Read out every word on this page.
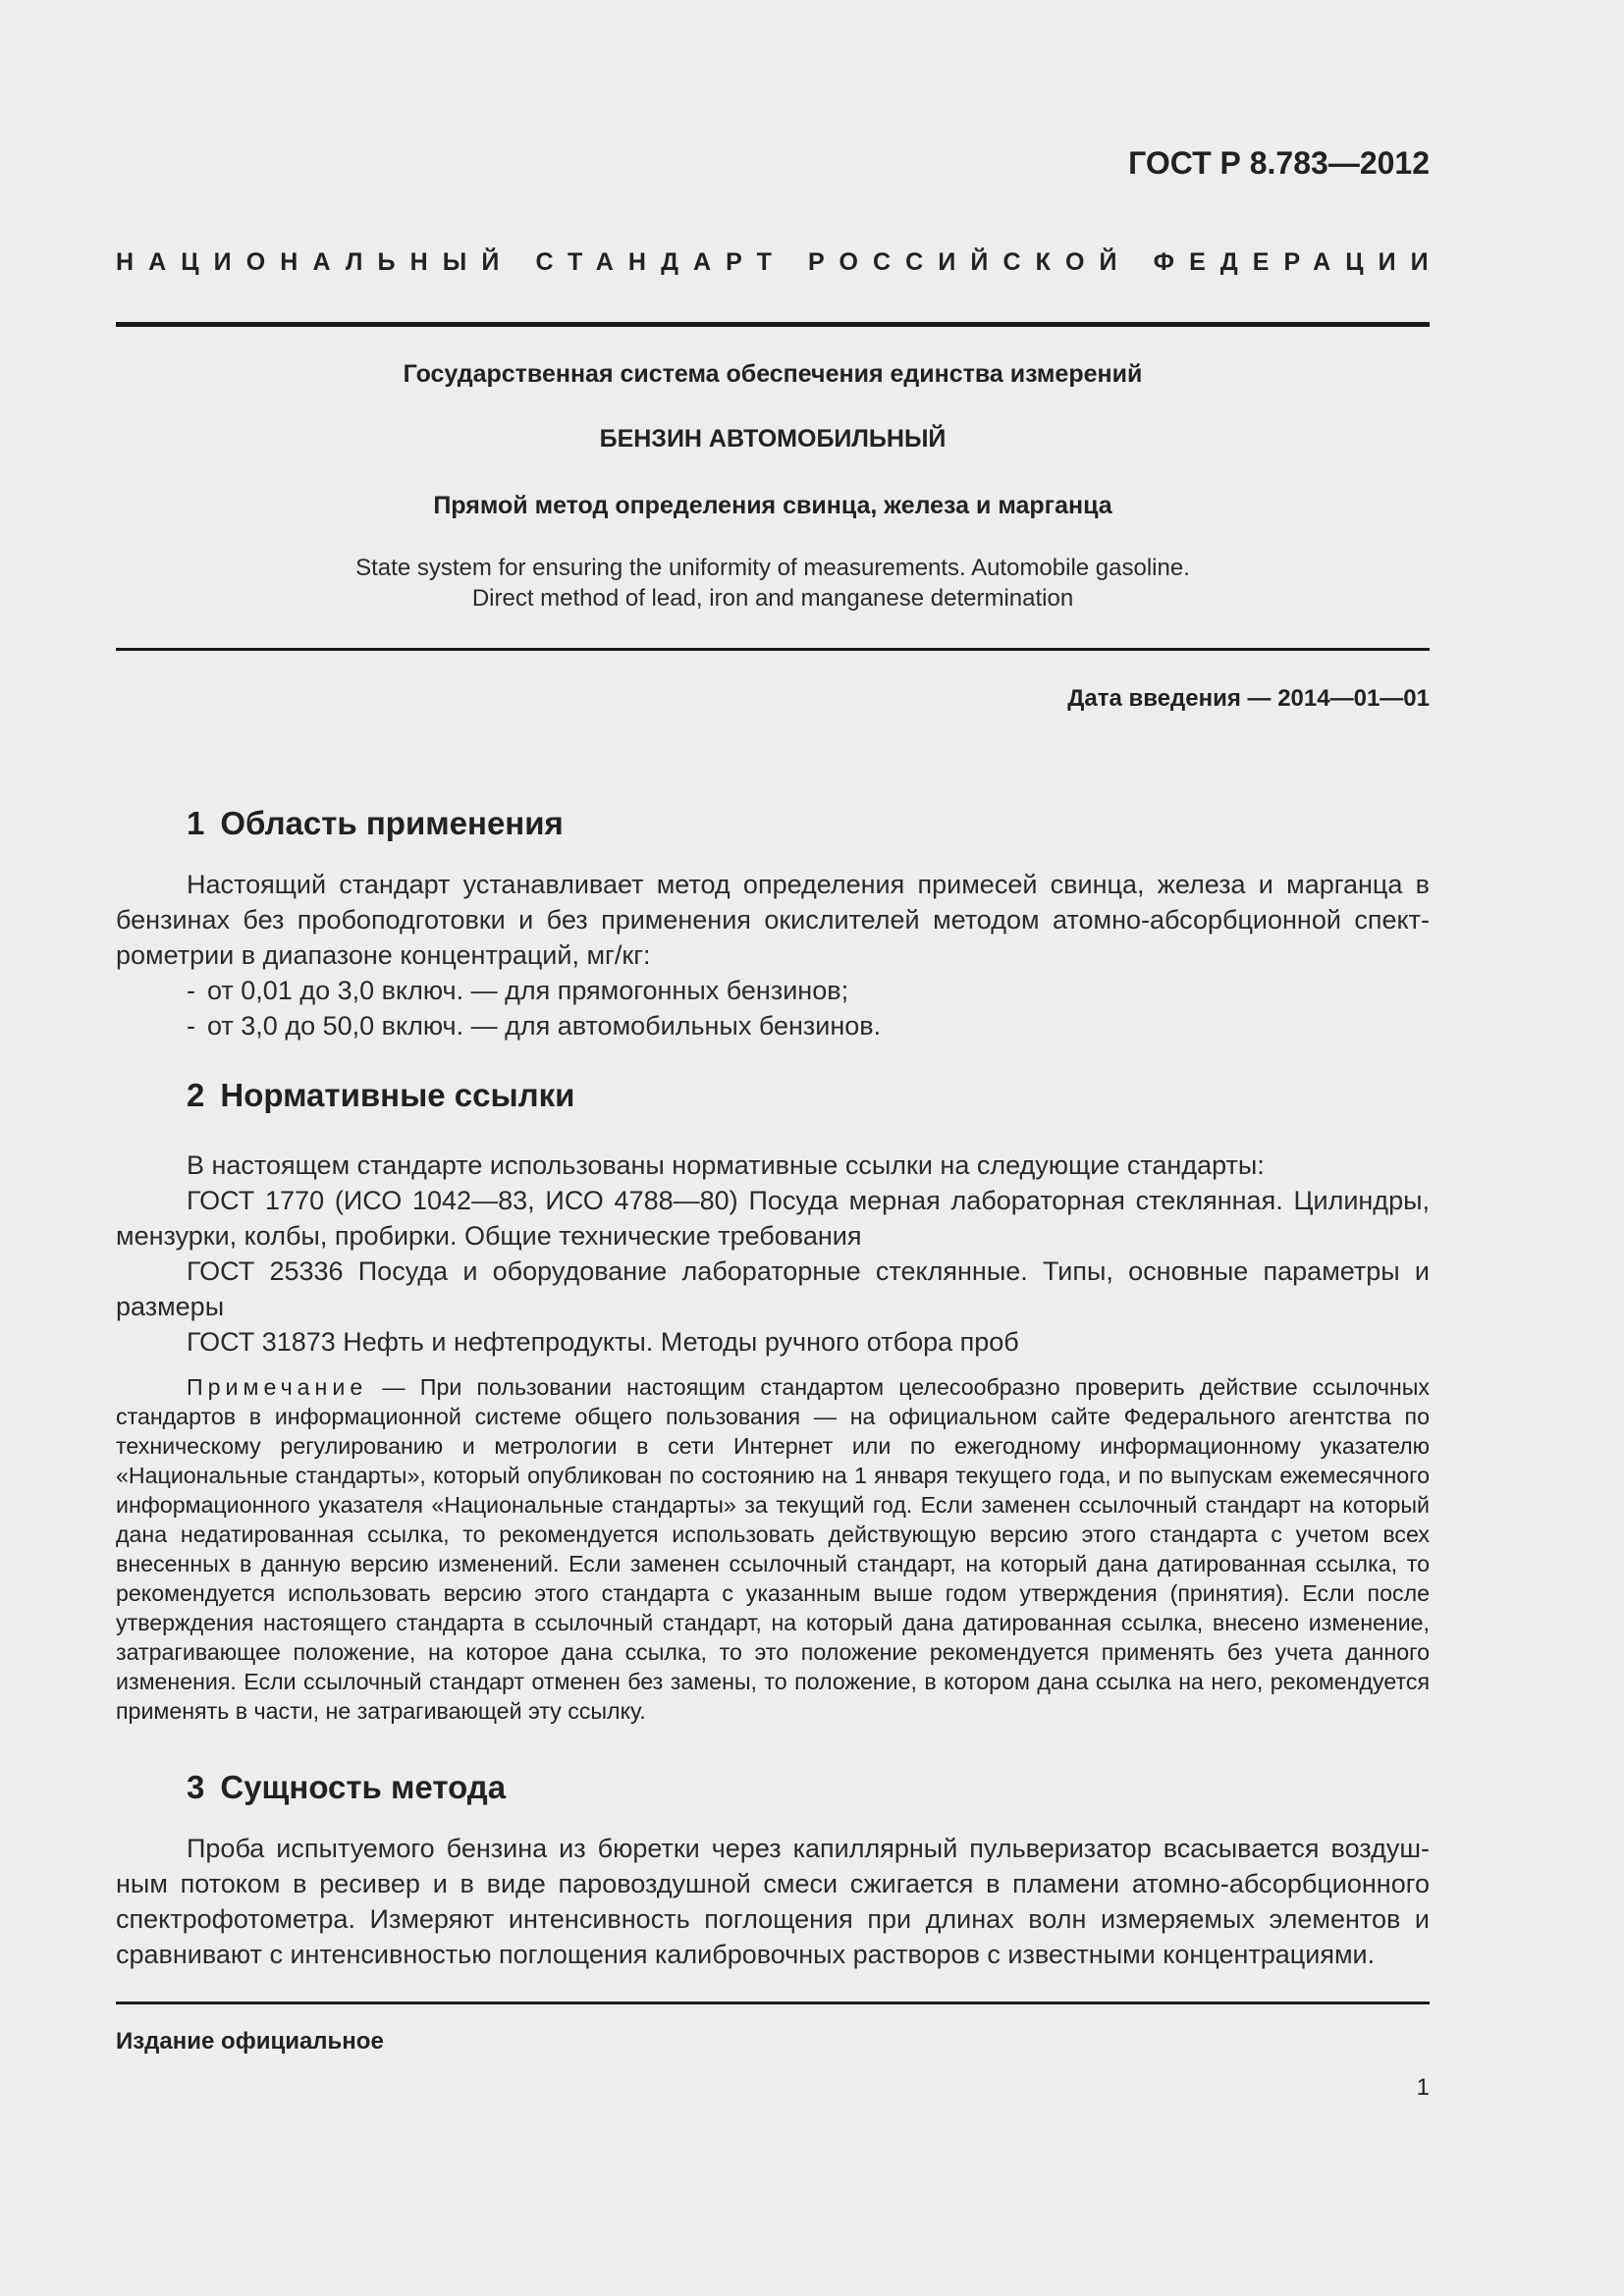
ГОСТ Р 8.783—2012
НАЦИОНАЛЬНЫЙ СТАНДАРТ РОССИЙСКОЙ ФЕДЕРАЦИИ
Государственная система обеспечения единства измерений
БЕНЗИН АВТОМОБИЛЬНЫЙ
Прямой метод определения свинца, железа и марганца
State system for ensuring the uniformity of measurements. Automobile gasoline.
Direct method of lead, iron and manganese determination
Дата введения — 2014—01—01
1 Область применения

Настоящий стандарт устанавливает метод определения примесей свинца, железа и марганца в бензинах без пробоподготовки и без применения окислителей методом атомно-абсорбционной спект-рометрии в диапазоне концентраций, мг/кг:

- от 0,01 до 3,0 включ. — для прямогонных бензинов;
- от 3,0 до 50,0 включ. — для автомобильных бензинов.
2 Нормативные ссылки

В настоящем стандарте использованы нормативные ссылки на следующие стандарты:

ГОСТ 1770 (ИСО 1042—83, ИСО 4788—80) Посуда мерная лабораторная стеклянная. Цилиндры, мензурки, колбы, пробирки. Общие технические требования

ГОСТ 25336 Посуда и оборудование лабораторные стеклянные. Типы, основные параметры и размеры

ГОСТ 31873 Нефть и нефтепродукты. Методы ручного отбора проб

Примечание — При пользовании настоящим стандартом целесообразно проверить действие ссылочных стандартов в информационной системе общего пользования — на официальном сайте Федерального агентства по техническому регулированию и метрологии в сети Интернет или по ежегодному информационному указателю «Национальные стандарты», который опубликован по состоянию на 1 января текущего года, и по выпускам ежемесячного информационного указателя «Национальные стандарты» за текущий год. Если заменен ссылочный стандарт на который дана недатированная ссылка, то рекомендуется использовать действующую версию этого стандарта с учетом всех внесенных в данную версию изменений. Если заменен ссылочный стандарт, на который дана датированная ссылка, то рекомендуется использовать версию этого стандарта с указанным выше годом утверждения (принятия). Если после утверждения настоящего стандарта в ссылочный стандарт, на который дана датированная ссылка, внесено изменение, затрагивающее положение, на которое дана ссылка, то это положение рекомендуется применять без учета данного изменения. Если ссылочный стандарт отменен без замены, то положение, в котором дана ссылка на него, рекомендуется применять в части, не затрагивающей эту ссылку.

3 Сущность метода

Проба испытуемого бензина из бюретки через капиллярный пульверизатор всасывается воздуш-ным потоком в ресивер и в виде паровоздушной смеси сжигается в пламени атомно-абсорбционного спектрофотометра. Измеряют интенсивность поглощения при длинах волн измеряемых элементов и сравнивают с интенсивностью поглощения калибровочных растворов с известными концентрациями.

Издание официальное
1
